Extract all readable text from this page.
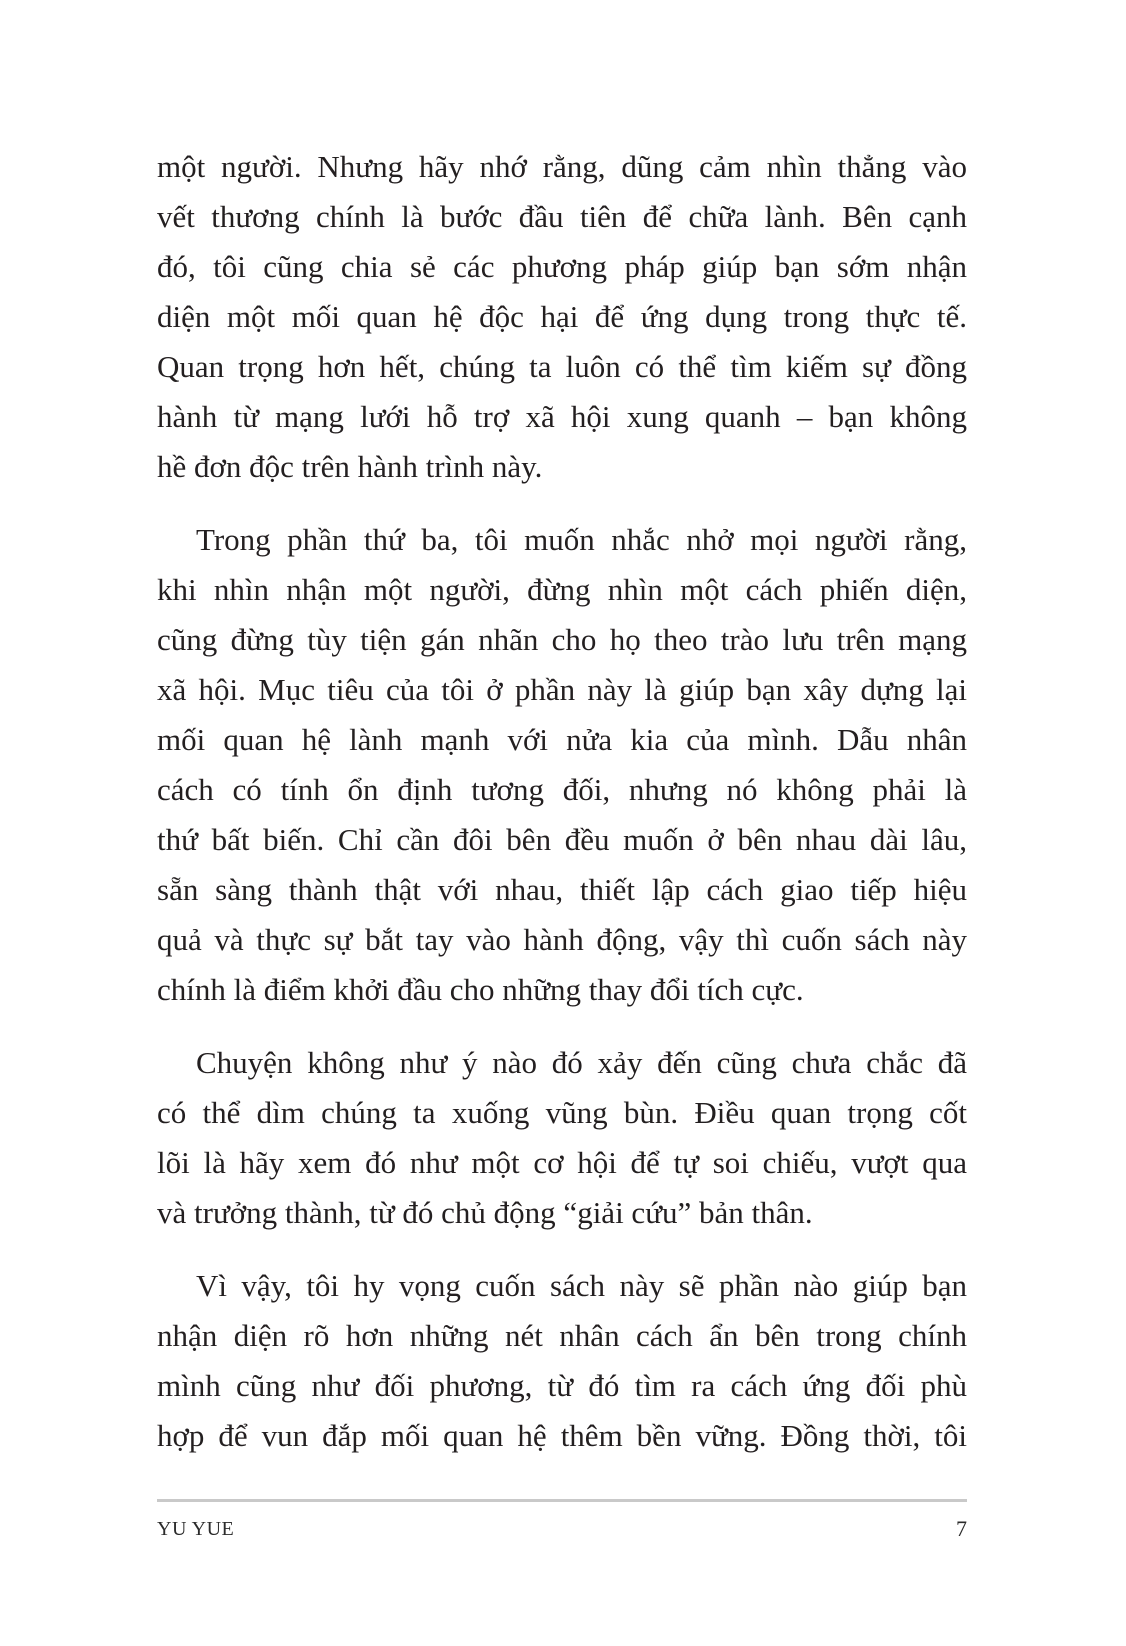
một người. Nhưng hãy nhớ rằng, dũng cảm nhìn thẳng vào
vết thương chính là bước đầu tiên để chữa lành. Bên cạnh
đó, tôi cũng chia sẻ các phương pháp giúp bạn sớm nhận
diện một mối quan hệ độc hại để ứng dụng trong thực tế.
Quan trọng hơn hết, chúng ta luôn có thể tìm kiếm sự đồng
hành từ mạng lưới hỗ trợ xã hội xung quanh – bạn không
hề đơn độc trên hành trình này.

Trong phần thứ ba, tôi muốn nhắc nhở mọi người rằng,
khi nhìn nhận một người, đừng nhìn một cách phiến diện,
cũng đừng tùy tiện gán nhãn cho họ theo trào lưu trên mạng
xã hội. Mục tiêu của tôi ở phần này là giúp bạn xây dựng lại
mối quan hệ lành mạnh với nửa kia của mình. Dẫu nhân
cách có tính ổn định tương đối, nhưng nó không phải là
thứ bất biến. Chỉ cần đôi bên đều muốn ở bên nhau dài lâu,
sẵn sàng thành thật với nhau, thiết lập cách giao tiếp hiệu
quả và thực sự bắt tay vào hành động, vậy thì cuốn sách này
chính là điểm khởi đầu cho những thay đổi tích cực.

Chuyện không như ý nào đó xảy đến cũng chưa chắc đã
có thể dìm chúng ta xuống vũng bùn. Điều quan trọng cốt
lõi là hãy xem đó như một cơ hội để tự soi chiếu, vượt qua
và trưởng thành, từ đó chủ động “giải cứu” bản thân.

Vì vậy, tôi hy vọng cuốn sách này sẽ phần nào giúp bạn
nhận diện rõ hơn những nét nhân cách ẩn bên trong chính
mình cũng như đối phương, từ đó tìm ra cách ứng đối phù
hợp để vun đắp mối quan hệ thêm bền vững. Đồng thời, tôi

YU YUE	7
